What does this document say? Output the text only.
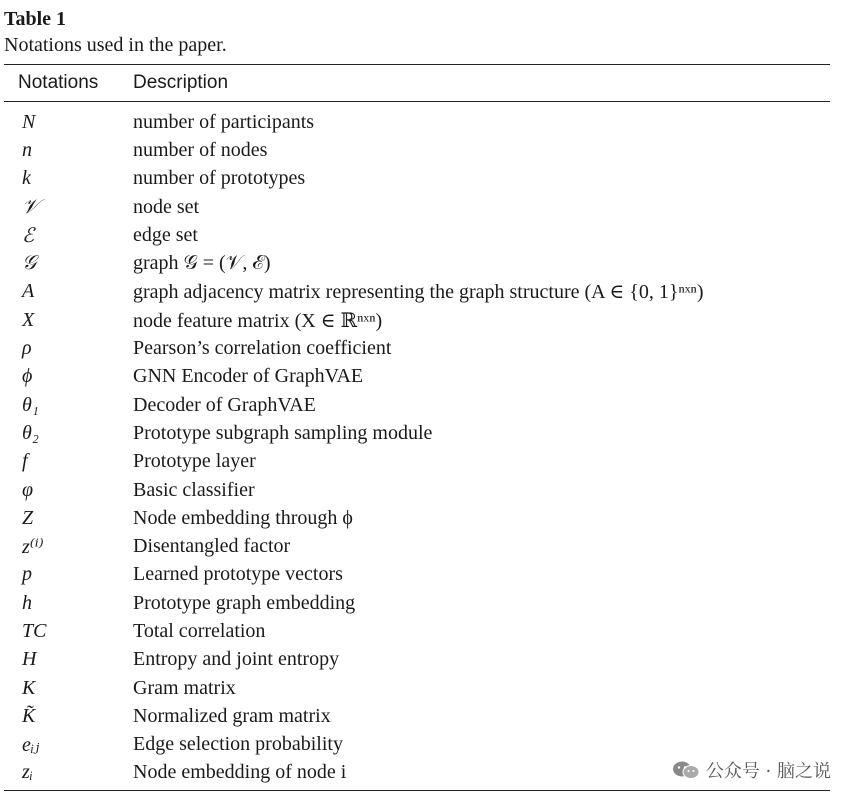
Table 1

Notations used in the paper.

Notations	Description
N	number of participants
n	number of nodes
k	number of prototypes
𝒱	node set
ℰ	edge set
𝒢	graph 𝒢 = (𝒱, ℰ)
A	graph adjacency matrix representing the graph structure (A ∈ {0, 1}ⁿˣⁿ)
X	node feature matrix (X ∈ ℝⁿˣⁿ)
ρ	Pearson’s correlation coefficient
ϕ	GNN Encoder of GraphVAE
θ₁	Decoder of GraphVAE
θ₂	Prototype subgraph sampling module
f	Prototype layer
φ	Basic classifier
Z	Node embedding through ϕ
z⁽ⁱ⁾	Disentangled factor
p	Learned prototype vectors
h	Prototype graph embedding
TC	Total correlation
H	Entropy and joint entropy
K	Gram matrix
K̃	Normalized gram matrix
eᵢⱼ	Edge selection probability
zᵢ	Node embedding of node i	公众号 · 脑之说
